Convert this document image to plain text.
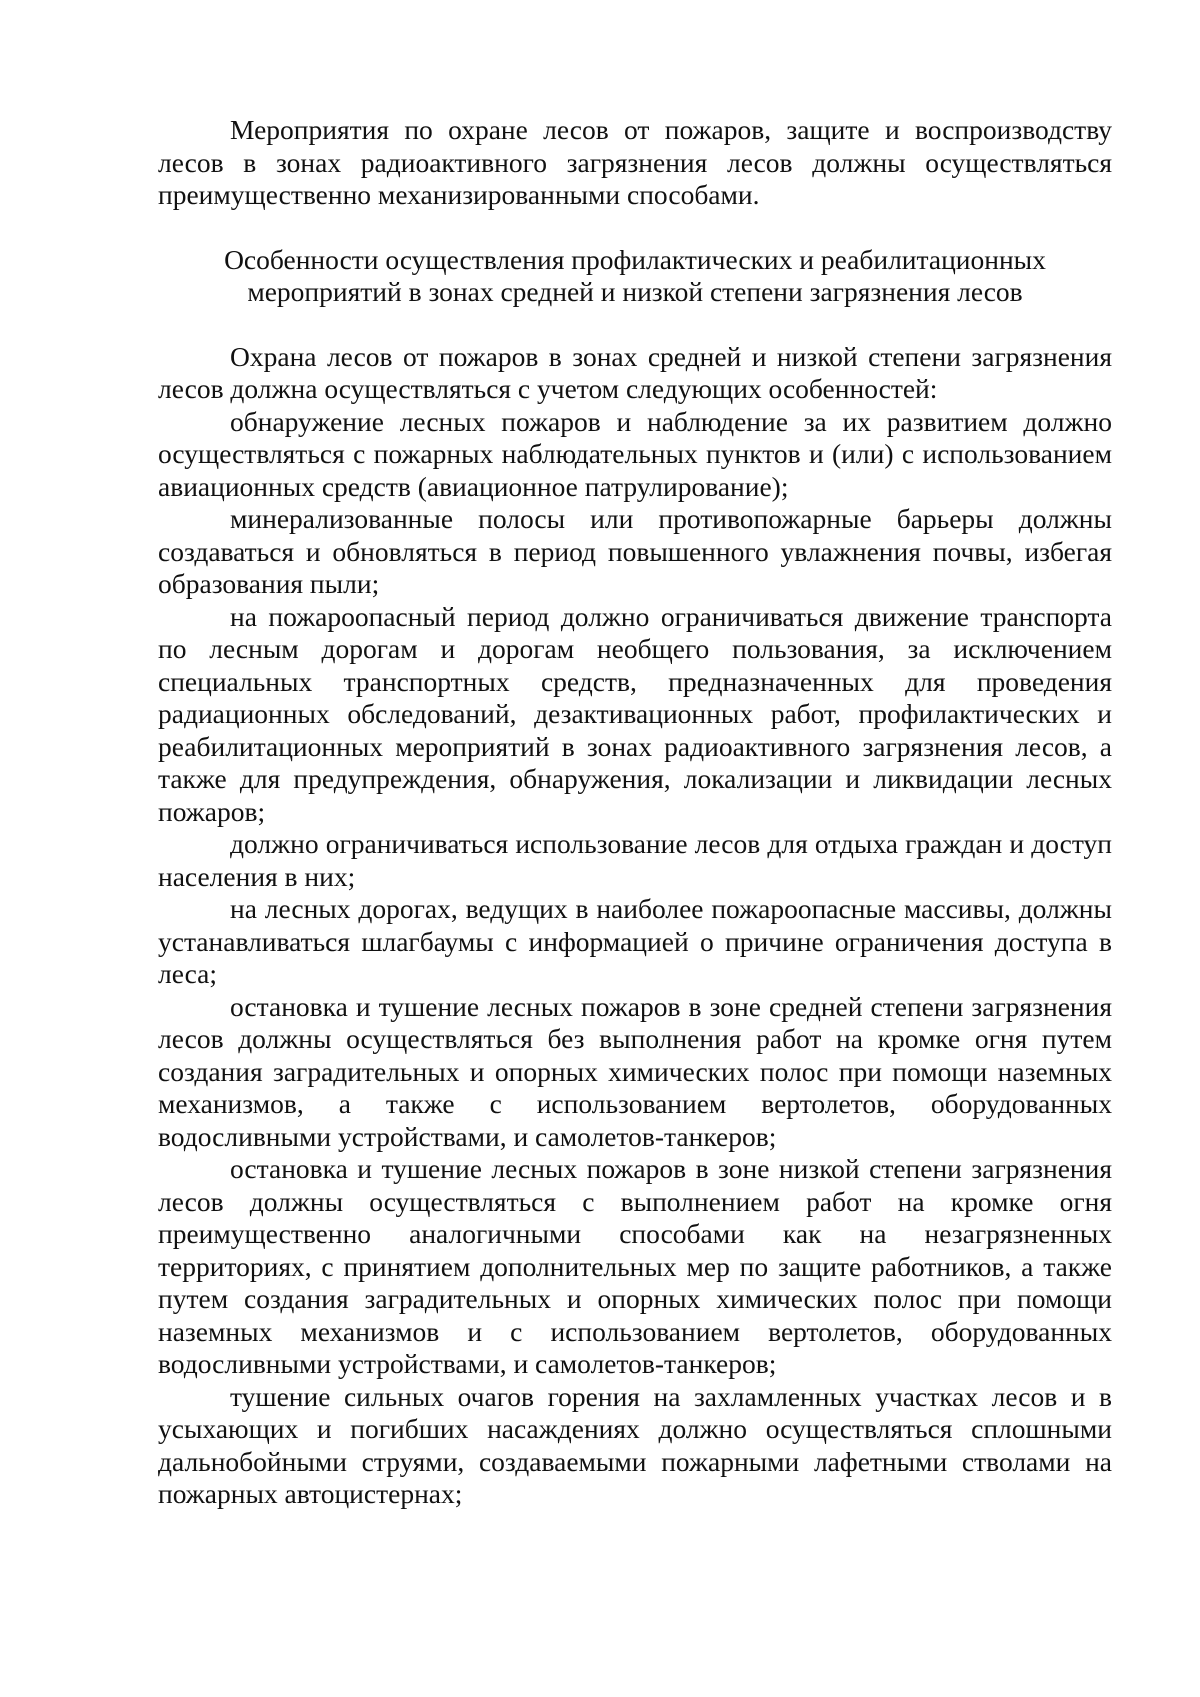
Мероприятия по охране лесов от пожаров, защите и воспроизводству лесов в зонах радиоактивного загрязнения лесов должны осуществляться преимущественно механизированными способами.

Особенности осуществления профилактических и реабилитационных
мероприятий в зонах средней и низкой степени загрязнения лесов

Охрана лесов от пожаров в зонах средней и низкой степени загрязнения лесов должна осуществляться с учетом следующих особенностей:

обнаружение лесных пожаров и наблюдение за их развитием должно осуществляться с пожарных наблюдательных пунктов и (или) с использованием авиационных средств (авиационное патрулирование);

минерализованные полосы или противопожарные барьеры должны создаваться и обновляться в период повышенного увлажнения почвы, избегая образования пыли;

на пожароопасный период должно ограничиваться движение транспорта по лесным дорогам и дорогам необщего пользования, за исключением специальных транспортных средств, предназначенных для проведения радиационных обследований, дезактивационных работ, профилактических и реабилитационных мероприятий в зонах радиоактивного загрязнения лесов, а также для предупреждения, обнаружения, локализации и ликвидации лесных пожаров;

должно ограничиваться использование лесов для отдыха граждан и доступ населения в них;

на лесных дорогах, ведущих в наиболее пожароопасные массивы, должны устанавливаться шлагбаумы с информацией о причине ограничения доступа в леса;

остановка и тушение лесных пожаров в зоне средней степени загрязнения лесов должны осуществляться без выполнения работ на кромке огня путем создания заградительных и опорных химических полос при помощи наземных механизмов, а также с использованием вертолетов, оборудованных водосливными устройствами, и самолетов-танкеров;

остановка и тушение лесных пожаров в зоне низкой степени загрязнения лесов должны осуществляться с выполнением работ на кромке огня преимущественно аналогичными способами как на незагрязненных территориях, с принятием дополнительных мер по защите работников, а также путем создания заградительных и опорных химических полос при помощи наземных механизмов и с использованием вертолетов, оборудованных водосливными устройствами, и самолетов-танкеров;

тушение сильных очагов горения на захламленных участках лесов и в усыхающих и погибших насаждениях должно осуществляться сплошными дальнобойными струями, создаваемыми пожарными лафетными стволами на пожарных автоцистернах;
